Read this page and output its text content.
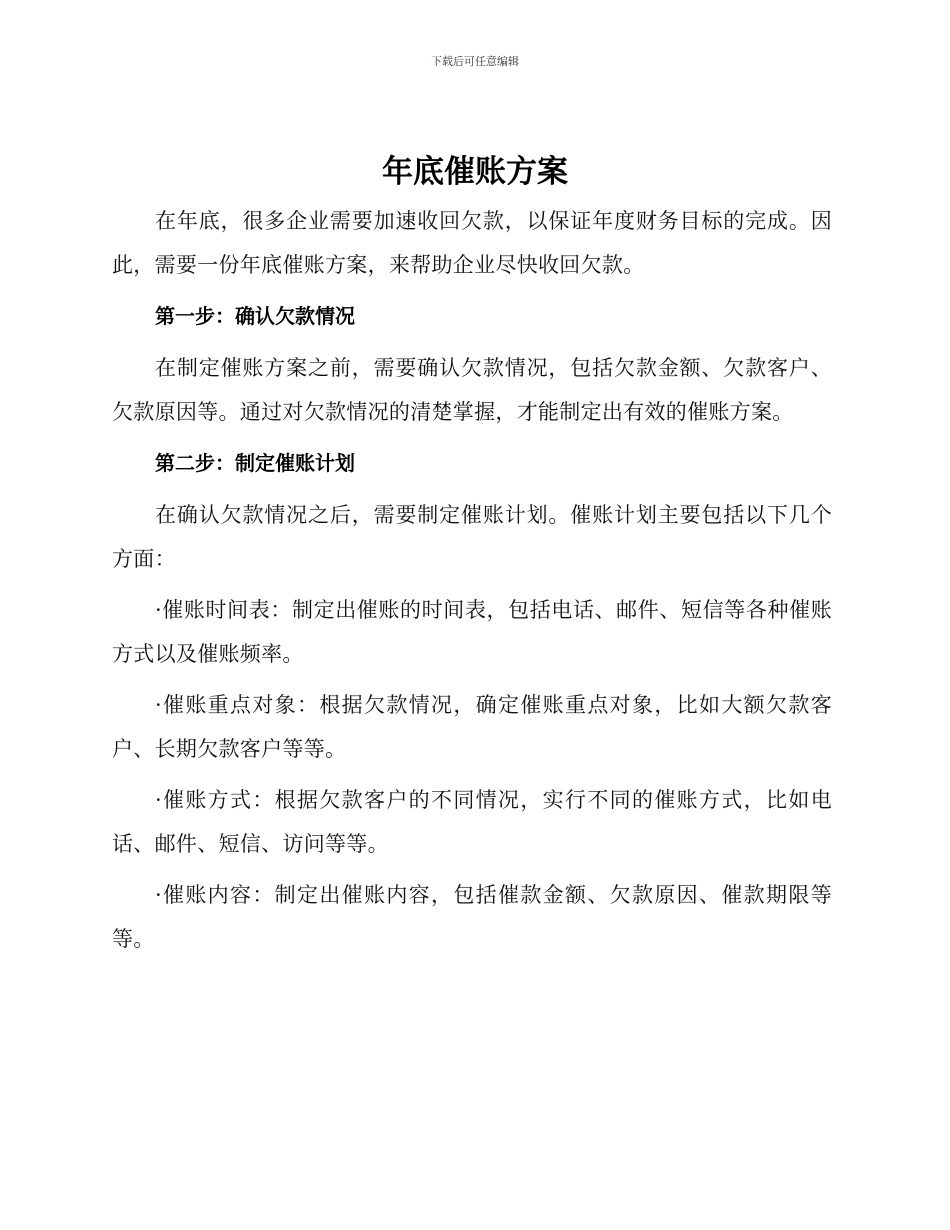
下载后可任意编辑
年底催账方案

在年底，很多企业需要加速收回欠款，以保证年度财务目标的完成。因此，需要一份年底催账方案，来帮助企业尽快收回欠款。

第一步：确认欠款情况

在制定催账方案之前，需要确认欠款情况，包括欠款金额、欠款客户、欠款原因等。通过对欠款情况的清楚掌握，才能制定出有效的催账方案。

第二步：制定催账计划

在确认欠款情况之后，需要制定催账计划。催账计划主要包括以下几个方面：

·催账时间表：制定出催账的时间表，包括电话、邮件、短信等各种催账方式以及催账频率。

·催账重点对象：根据欠款情况，确定催账重点对象，比如大额欠款客户、长期欠款客户等等。

·催账方式：根据欠款客户的不同情况，实行不同的催账方式，比如电话、邮件、短信、访问等等。

·催账内容：制定出催账内容，包括催款金额、欠款原因、催款期限等等。
